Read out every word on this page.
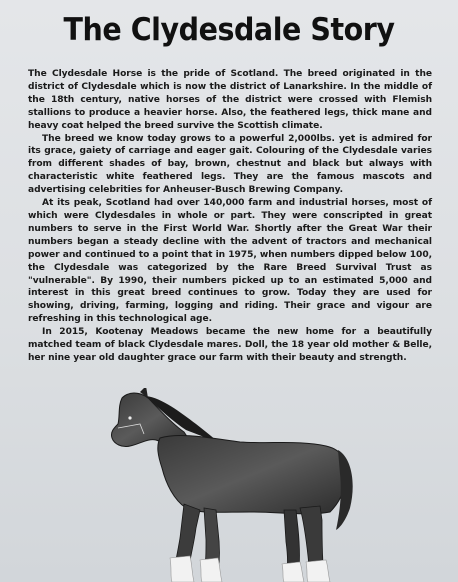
The Clydesdale Story

The Clydesdale Horse is the pride of Scotland. The breed originated in the district of Clydesdale which is now the district of Lanarkshire. In the middle of the 18th century, native horses of the district were crossed with Flemish stallions to produce a heavier horse. Also, the feathered legs, thick mane and heavy coat helped the breed survive the Scottish climate.

The breed we know today grows to a powerful 2,000lbs. yet is admired for its grace, gaiety of carriage and eager gait. Colouring of the Clydesdale varies from different shades of bay, brown, chestnut and black but always with characteristic white feathered legs. They are the famous mascots and advertising celebrities for Anheuser-Busch Brewing Company.

At its peak, Scotland had over 140,000 farm and industrial horses, most of which were Clydesdales in whole or part. They were conscripted in great numbers to serve in the First World War. Shortly after the Great War their numbers began a steady decline with the advent of tractors and mechanical power and continued to a point that in 1975, when numbers dipped below 100, the Clydesdale was categorized by the Rare Breed Survival Trust as "vulnerable". By 1990, their numbers picked up to an estimated 5,000 and interest in this great breed continues to grow. Today they are used for showing, driving, farming, logging and riding. Their grace and vigour are refreshing in this technological age.

In 2015, Kootenay Meadows became the new home for a beautifully matched team of black Clydesdale mares. Doll, the 18 year old mother & Belle, her nine year old daughter grace our farm with their beauty and strength.
